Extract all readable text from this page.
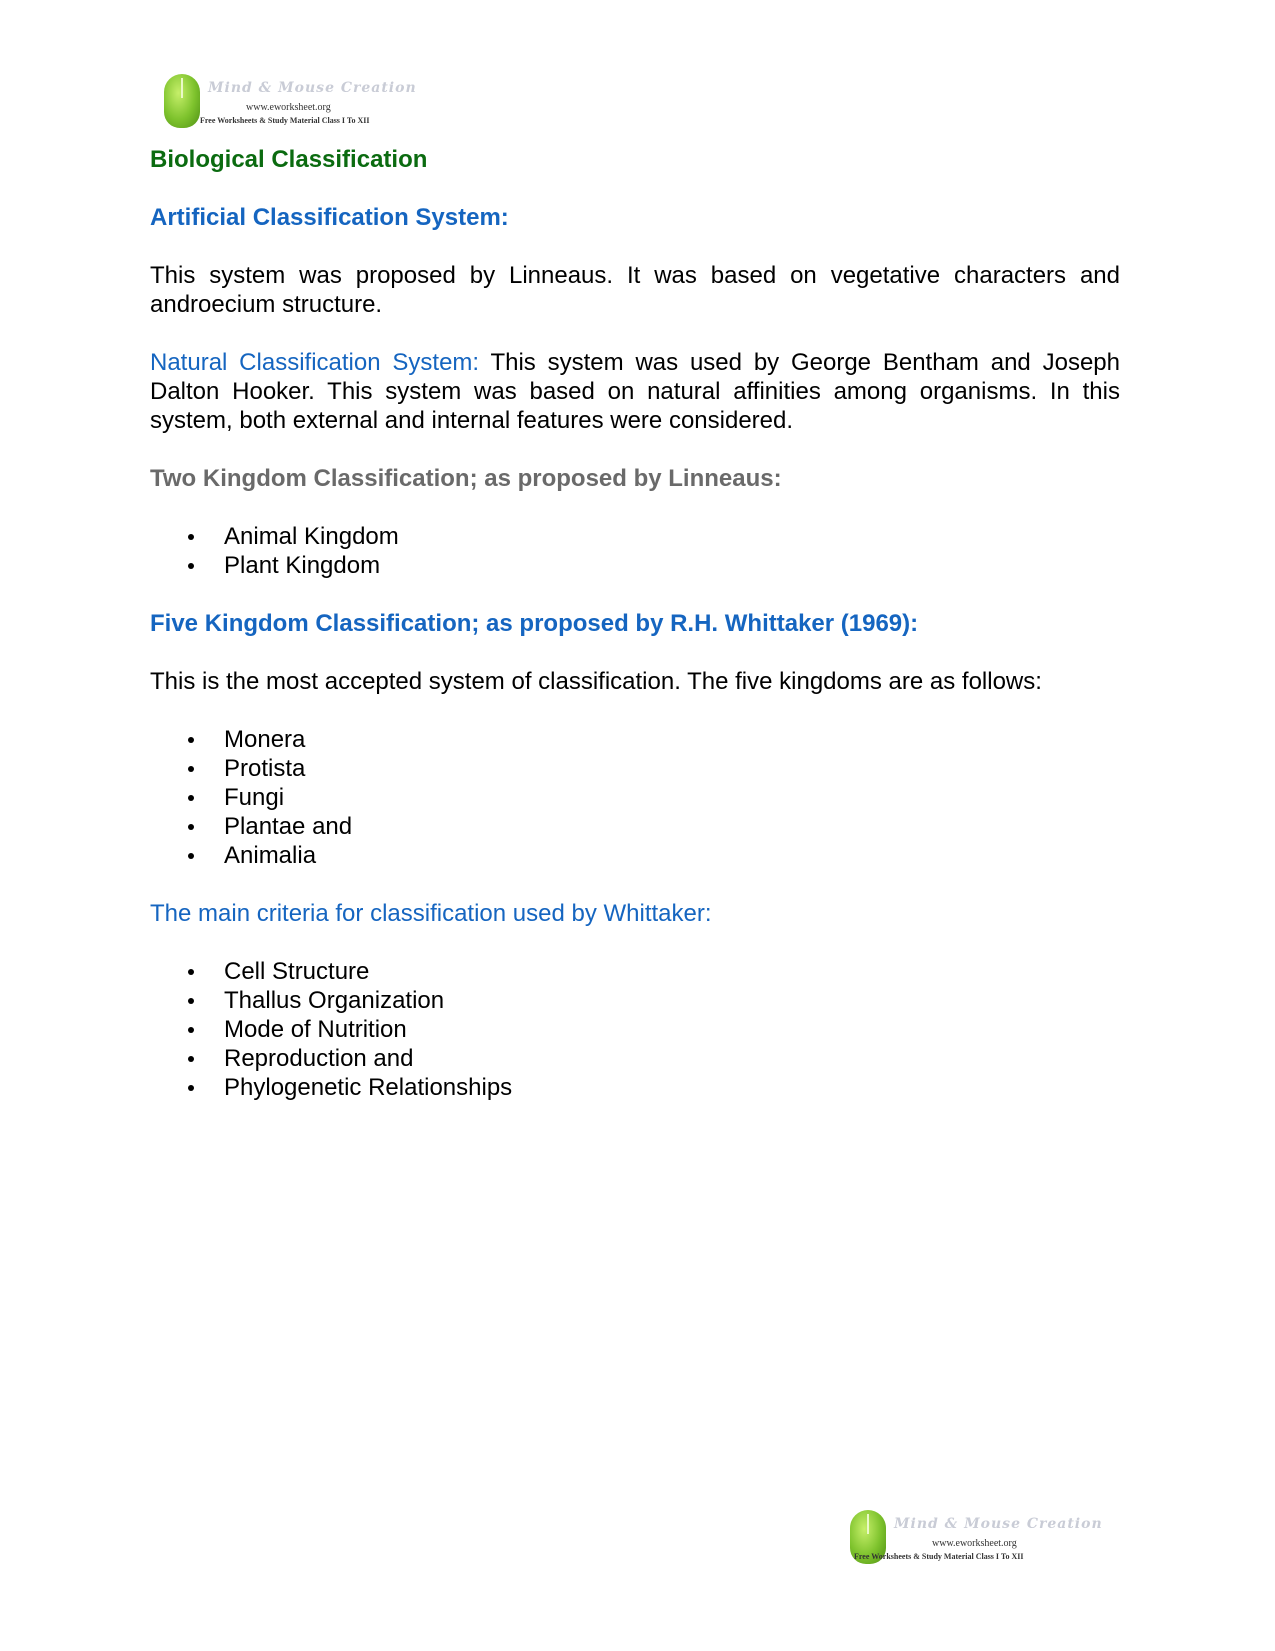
Mind & Mouse Creation
www.eworksheet.org
Free Worksheets & Study Material Class I To XII
Biological Classification
Artificial Classification System:
This system was proposed by Linneaus. It was based on vegetative characters and androecium structure.
Natural Classification System: This system was used by George Bentham and Joseph Dalton Hooker. This system was based on natural affinities among organisms. In this system, both external and internal features were considered.
Two Kingdom Classification; as proposed by Linneaus:
Animal Kingdom
Plant Kingdom
Five Kingdom Classification; as proposed by R.H. Whittaker (1969):
This is the most accepted system of classification. The five kingdoms are as follows:
Monera
Protista
Fungi
Plantae and
Animalia
The main criteria for classification used by Whittaker:
Cell Structure
Thallus Organization
Mode of Nutrition
Reproduction and
Phylogenetic Relationships
Mind & Mouse Creation
www.eworksheet.org
Free Worksheets & Study Material Class I To XII
